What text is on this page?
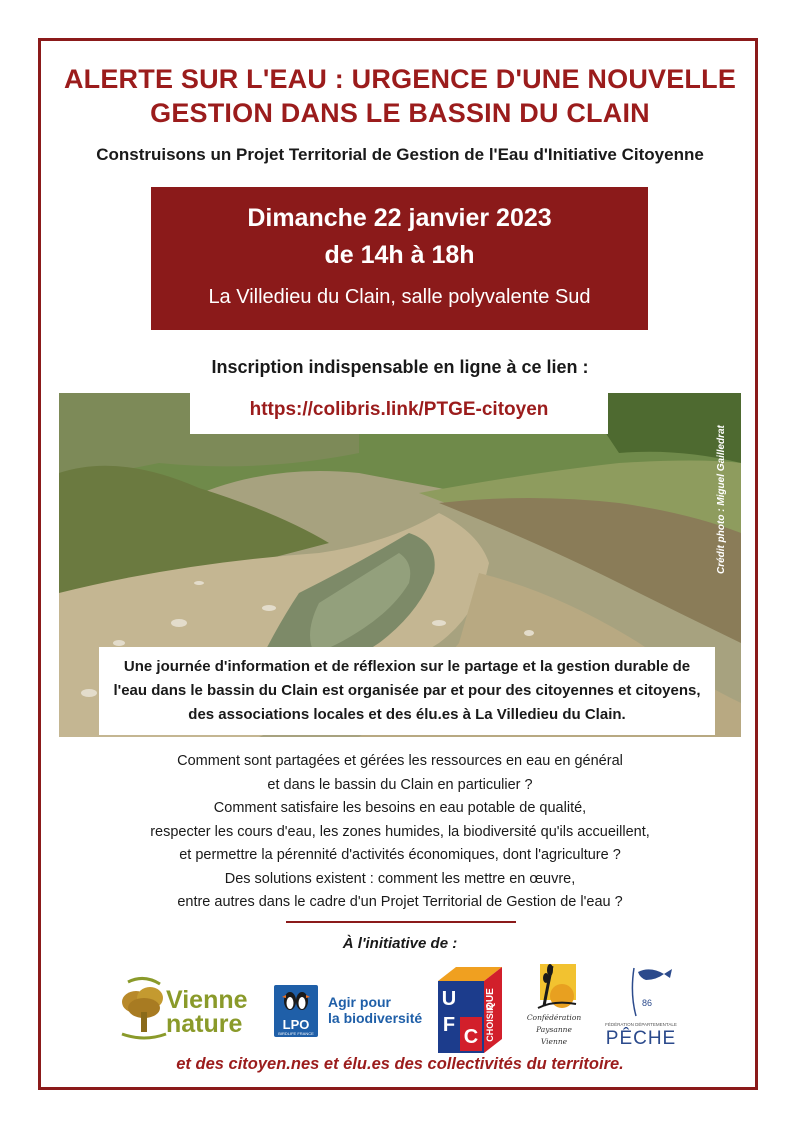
ALERTE SUR L'EAU : URGENCE D'UNE NOUVELLE
GESTION DANS LE BASSIN DU CLAIN
Construisons un Projet Territorial de Gestion de l'Eau d'Initiative Citoyenne
Dimanche 22 janvier 2023
de 14h à 18h
La Villedieu du Clain, salle polyvalente Sud
Inscription indispensable en ligne à ce lien :
https://colibris.link/PTGE-citoyen
Crédit photo : Miguel Gailledrat
Une journée d'information et de réflexion sur le partage et la gestion durable de
l'eau dans le bassin du Clain est organisée par et pour des citoyennes et citoyens,
des associations locales et des élu.es à La Villedieu du Clain.
Comment sont partagées et gérées les ressources en eau en général
et dans le bassin du Clain en particulier ?
Comment satisfaire les besoins en eau potable de qualité,
respecter les cours d'eau, les zones humides, la biodiversité qu'ils accueillent,
et permettre la pérennité d'activités économiques, dont l'agriculture ?
Des solutions existent : comment les mettre en œuvre,
entre autres dans le cadre d'un Projet Territorial de Gestion de l'eau ?
À l'initiative de :
Vienne
nature	LPO
BIRDLIFE FRANCE
Agir pour
la biodiversité
U
F
C
QUE
CHOISIR	Confédération
Paysanne
Vienne
86
FÉDÉRATION DÉPARTEMENTALE
PÊCHE
et des citoyen.nes et élu.es des collectivités du territoire.
